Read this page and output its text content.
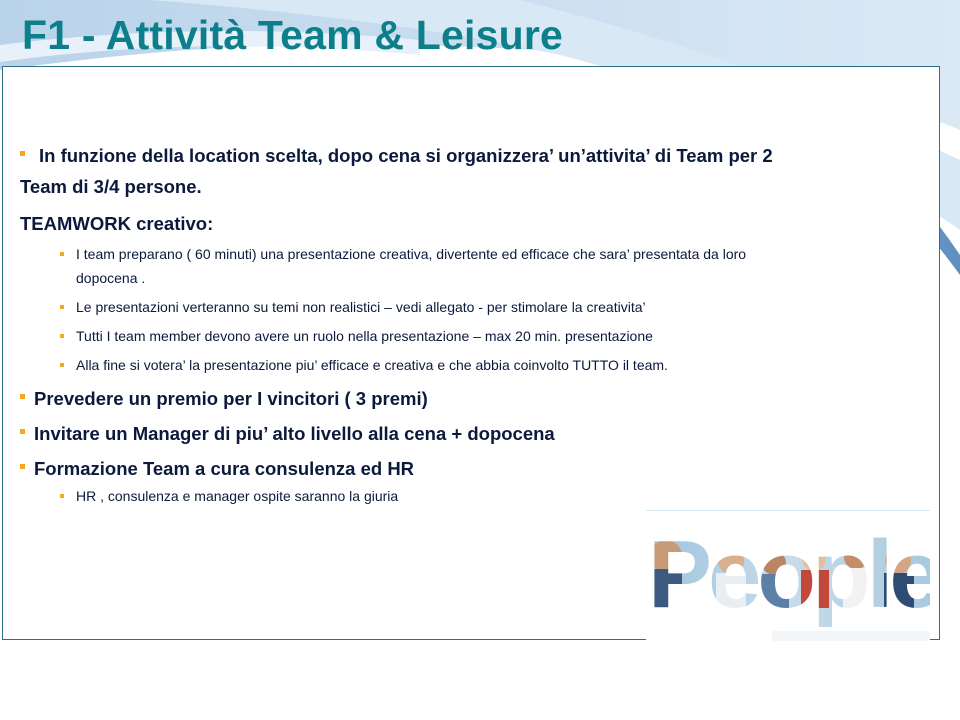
F1 - Attività Team & Leisure

In funzione della location scelta, dopo cena si organizzera’ un’attivita’ di Team per 2

Team di 3/4 persone.

TEAMWORK creativo:

I team preparano ( 60 minuti) una presentazione creativa, divertente ed efficace che sara’ presentata da loro
dopocena .

Le presentazioni verteranno su temi non realistici – vedi allegato - per stimolare la creativita’

Tutti I team member devono avere un ruolo nella presentazione – max 20 min. presentazione

Alla fine si votera’ la presentazione piu’ efficace e creativa e che abbia coinvolto TUTTO il team.

Prevedere un premio per I vincitori ( 3 premi)

Invitare un Manager di piu’ alto livello alla cena + dopocena

Formazione Team a cura consulenza ed HR

HR , consulenza e manager ospite saranno la giuria
